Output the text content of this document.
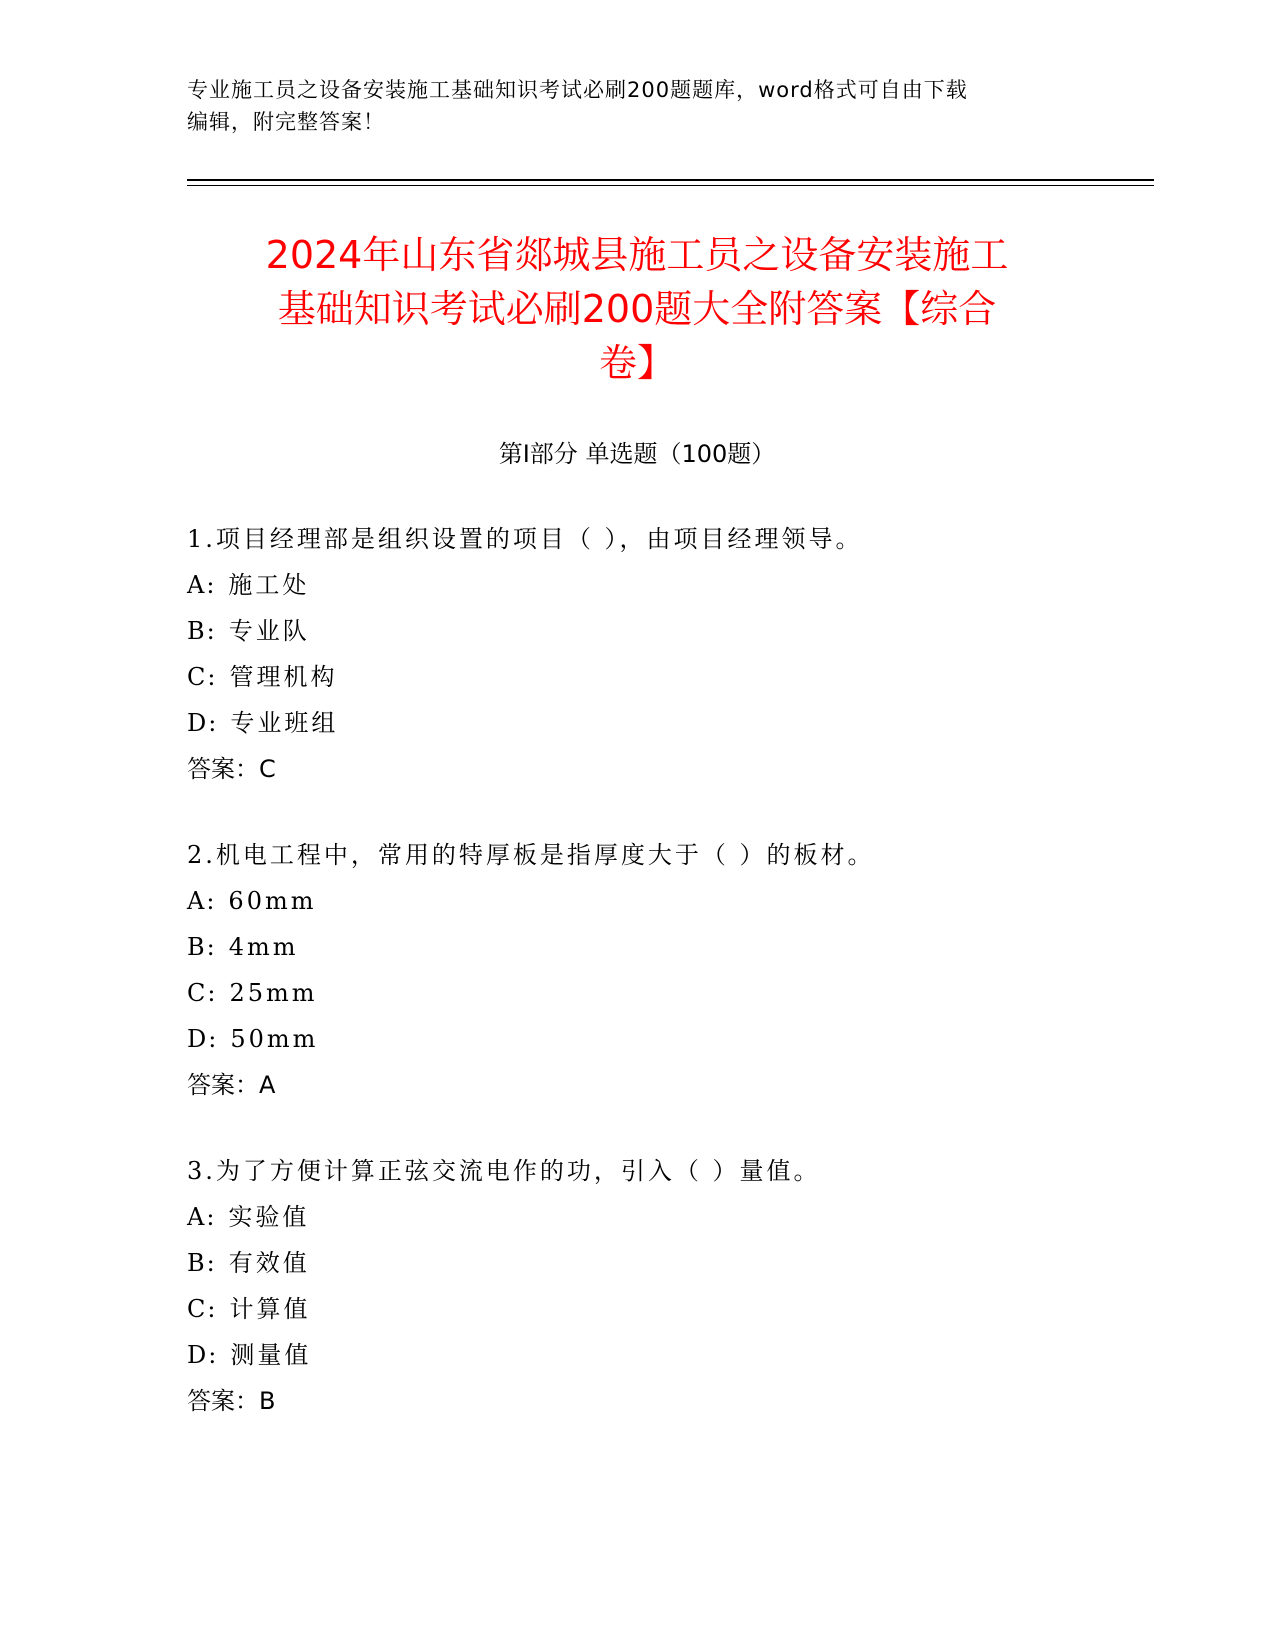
专业施工员之设备安装施工基础知识考试必刷200题题库，word格式可自由下载
编辑，附完整答案！
2024年山东省郯城县施工员之设备安装施工
基础知识考试必刷200题大全附答案【综合
卷】
第I部分 单选题（100题）
1.项目经理部是组织设置的项目（ ），由项目经理领导。
A: 施工处
B: 专业队
C: 管理机构
D: 专业班组
答案：C
2.机电工程中，常用的特厚板是指厚度大于（ ）的板材。
A: 60mm
B: 4mm
C: 25mm
D: 50mm
答案：A
3.为了方便计算正弦交流电作的功，引入（ ）量值。
A: 实验值
B: 有效值
C: 计算值
D: 测量值
答案：B
